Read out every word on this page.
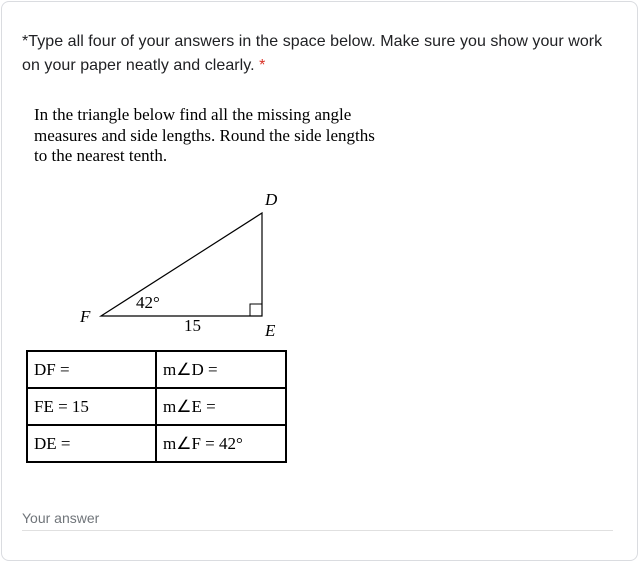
*Type all four of your answers in the space below. Make sure you show your work on your paper neatly and clearly. *
In the triangle below find all the missing angle
measures and side lengths. Round the side lengths
to the nearest tenth.
D
E
F
42°
15
DF =	m∠D =
FE = 15	m∠E =
DE =	m∠F = 42°
Your answer
